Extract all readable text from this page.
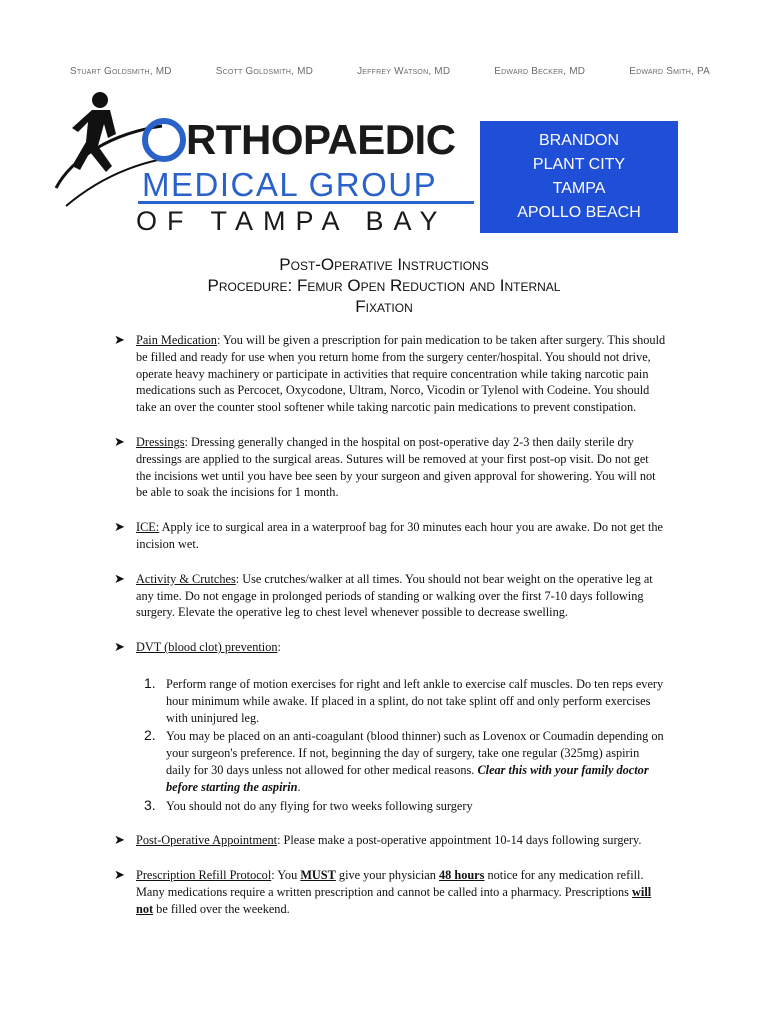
Stuart Goldsmith, MD	Scott Goldsmith, MD	Jeffrey Watson, MD	Edward Becker, MD	Edward Smith, PA
RTHOPAEDIC
MEDICAL GROUP
OF TAMPA BAY
BRANDON
PLANT CITY
TAMPA
APOLLO BEACH
Post-Operative Instructions
Procedure: Femur Open Reduction and Internal
Fixation
➤ Pain Medication: You will be given a prescription for pain medication to be taken after surgery. This should be filled and ready for use when you return home from the surgery center/hospital. You should not drive, operate heavy machinery or participate in activities that require concentration while taking narcotic pain medications such as Percocet, Oxycodone, Ultram, Norco, Vicodin or Tylenol with Codeine. You should take an over the counter stool softener while taking narcotic pain medications to prevent constipation.
➤ Dressings: Dressing generally changed in the hospital on post-operative day 2-3 then daily sterile dry dressings are applied to the surgical areas. Sutures will be removed at your first post-op visit. Do not get the incisions wet until you have bee seen by your surgeon and given approval for showering. You will not be able to soak the incisions for 1 month.
➤ ICE: Apply ice to surgical area in a waterproof bag for 30 minutes each hour you are awake. Do not get the incision wet.
➤ Activity & Crutches: Use crutches/walker at all times. You should not bear weight on the operative leg at any time. Do not engage in prolonged periods of standing or walking over the first 7-10 days following surgery. Elevate the operative leg to chest level whenever possible to decrease swelling.
➤ DVT (blood clot) prevention:
1. Perform range of motion exercises for right and left ankle to exercise calf muscles. Do ten reps every hour minimum while awake. If placed in a splint, do not take splint off and only perform exercises with uninjured leg.
2. You may be placed on an anti-coagulant (blood thinner) such as Lovenox or Coumadin depending on your surgeon's preference. If not, beginning the day of surgery, take one regular (325mg) aspirin daily for 30 days unless not allowed for other medical reasons. Clear this with your family doctor before starting the aspirin.
3. You should not do any flying for two weeks following surgery
➤ Post-Operative Appointment: Please make a post-operative appointment 10-14 days following surgery.
➤ Prescription Refill Protocol: You MUST give your physician 48 hours notice for any medication refill. Many medications require a written prescription and cannot be called into a pharmacy. Prescriptions will not be filled over the weekend.
